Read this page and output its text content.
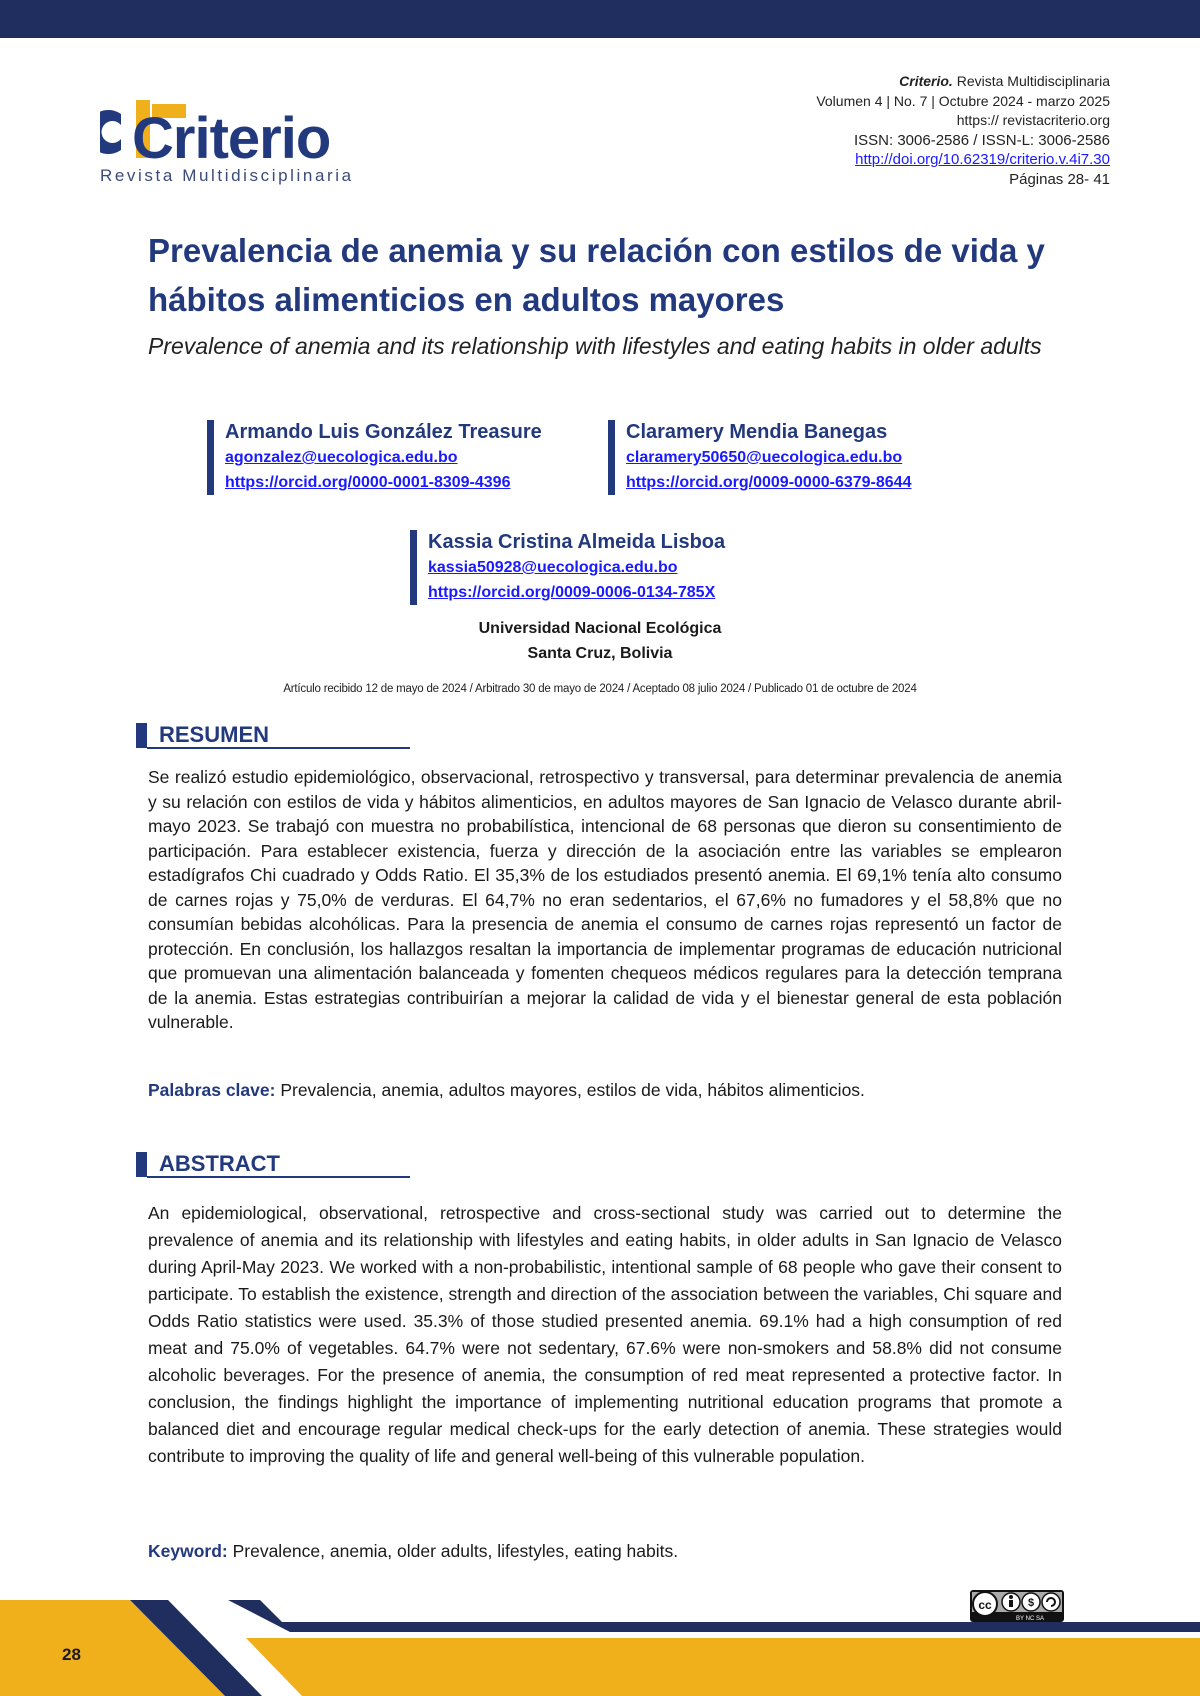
Criterio
Revista Multidisciplinaria
Criterio. Revista Multidisciplinaria
Volumen 4 | No. 7 | Octubre 2024 - marzo 2025
https:// revistacriterio.org
ISSN: 3006-2586 / ISSN-L: 3006-2586
http://doi.org/10.62319/criterio.v.4i7.30
Páginas 28- 41
Prevalencia de anemia y su relación con estilos de vida y hábitos alimenticios en adultos mayores

Prevalence of anemia and its relationship with lifestyles and eating habits in older adults

Armando Luis González Treasure
agonzalez@uecologica.edu.bo
https://orcid.org/0000-0001-8309-4396
Claramery Mendia Banegas
claramery50650@uecologica.edu.bo
https://orcid.org/0009-0000-6379-8644
Kassia Cristina Almeida Lisboa
kassia50928@uecologica.edu.bo
https://orcid.org/0009-0006-0134-785X
Universidad Nacional Ecológica
Santa Cruz, Bolivia
Artículo recibido 12 de mayo de 2024 / Arbitrado 30 de mayo de 2024 / Aceptado 08 julio 2024 / Publicado 01 de octubre de 2024
RESUMEN

Se realizó estudio epidemiológico, observacional, retrospectivo y transversal, para determinar prevalencia de anemia y su relación con estilos de vida y hábitos alimenticios, en adultos mayores de San Ignacio de Velasco durante abril-mayo 2023. Se trabajó con muestra no probabilística, intencional de 68 personas que dieron su consentimiento de participación. Para establecer existencia, fuerza y dirección de la asociación entre las variables se emplearon estadígrafos Chi cuadrado y Odds Ratio. El 35,3% de los estudiados presentó anemia. El 69,1% tenía alto consumo de carnes rojas y 75,0% de verduras. El 64,7% no eran sedentarios, el 67,6% no fumadores y el 58,8% que no consumían bebidas alcohólicas. Para la presencia de anemia el consumo de carnes rojas representó un factor de protección. En conclusión, los hallazgos resaltan la importancia de implementar programas de educación nutricional que promuevan una alimentación balanceada y fomenten chequeos médicos regulares para la detección temprana de la anemia. Estas estrategias contribuirían a mejorar la calidad de vida y el bienestar general de esta población vulnerable.

Palabras clave: Prevalencia, anemia, adultos mayores, estilos de vida, hábitos alimenticios.
ABSTRACT

An epidemiological, observational, retrospective and cross-sectional study was carried out to determine the prevalence of anemia and its relationship with lifestyles and eating habits, in older adults in San Ignacio de Velasco during April-May 2023. We worked with a non-probabilistic, intentional sample of 68 people who gave their consent to participate. To establish the existence, strength and direction of the association between the variables, Chi square and Odds Ratio statistics were used. 35.3% of those studied presented anemia. 69.1% had a high consumption of red meat and 75.0% of vegetables. 64.7% were not sedentary, 67.6% were non-smokers and 58.8% did not consume alcoholic beverages. For the presence of anemia, the consumption of red meat represented a protective factor. In conclusion, the findings highlight the importance of implementing nutritional education programs that promote a balanced diet and encourage regular medical check-ups for the early detection of anemia. These strategies would contribute to improving the quality of life and general well-being of this vulnerable population.

Keyword: Prevalence, anemia, older adults, lifestyles, eating habits.
cc	$
BY NC SA
28
